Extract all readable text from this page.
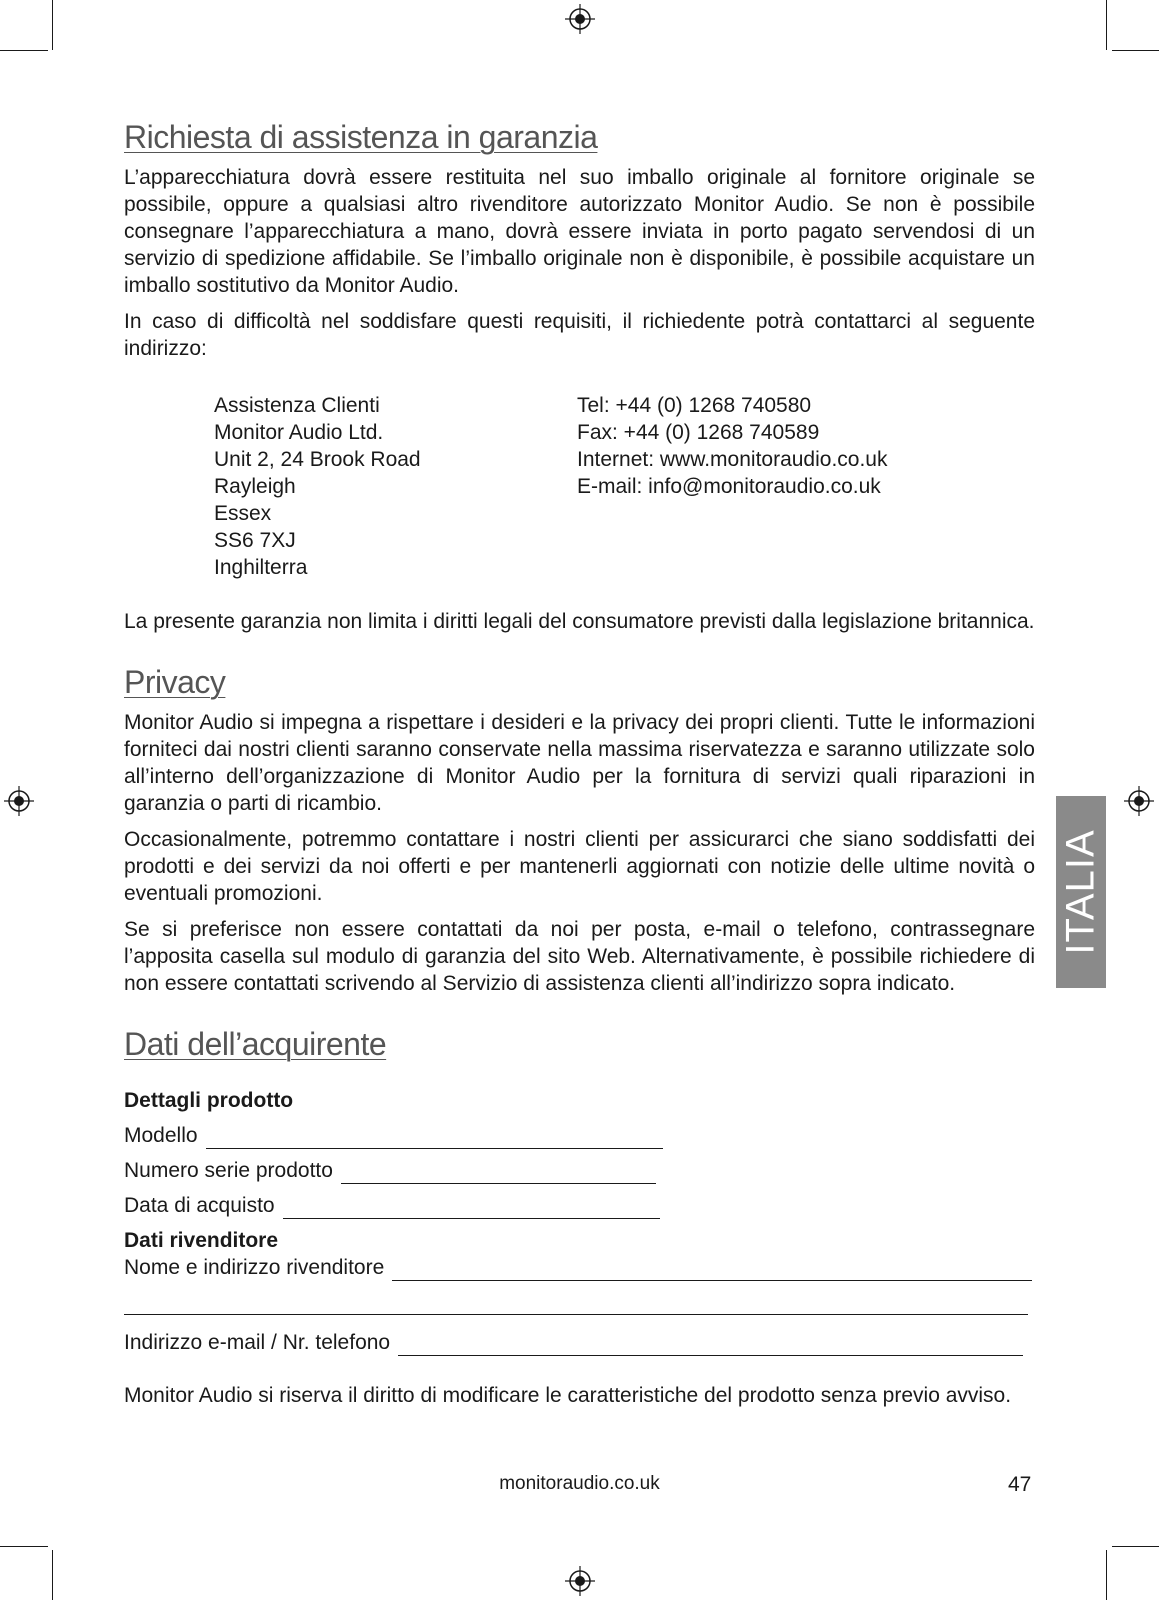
Richiesta di assistenza in garanzia

L’apparecchiatura dovrà essere restituita nel suo imballo originale al fornitore originale se possibile, oppure a qualsiasi altro rivenditore autorizzato Monitor Audio. Se non è possibile consegnare l’apparecchiatura a mano, dovrà essere inviata in porto pagato servendosi di un servizio di spedizione affidabile. Se l’imballo originale non è disponibile, è possibile acquistare un imballo sostitutivo da Monitor Audio.

In caso di difficoltà nel soddisfare questi requisiti, il richiedente potrà contattarci al seguente indirizzo:

Assistenza Clienti
Monitor Audio Ltd.
Unit 2, 24 Brook Road
Rayleigh
Essex
SS6 7XJ
Inghilterra
Tel: +44 (0) 1268 740580
Fax: +44 (0) 1268 740589
Internet: www.monitoraudio.co.uk
E-mail: info@monitoraudio.co.uk

La presente garanzia non limita i diritti legali del consumatore previsti dalla legislazione britannica.

Privacy

Monitor Audio si impegna a rispettare i desideri e la privacy dei propri clienti. Tutte le informazioni forniteci dai nostri clienti saranno conservate nella massima riservatezza e saranno utilizzate solo all’interno dell’organizzazione di Monitor Audio per la fornitura di servizi quali riparazioni in garanzia o parti di ricambio.

Occasionalmente, potremmo contattare i nostri clienti per assicurarci che siano soddisfatti dei prodotti e dei servizi da noi offerti e per mantenerli aggiornati con notizie delle ultime novità o eventuali promozioni.

Se si preferisce non essere contattati da noi per posta, e-mail o telefono, contrassegnare l’apposita casella sul modulo di garanzia del sito Web. Alternativamente, è possibile richiedere di non essere contattati scrivendo al Servizio di assistenza clienti all’indirizzo sopra indicato.

Dati dell’acquirente
Dettagli prodotto
Modello
Numero serie prodotto
Data di acquisto
Dati rivenditore
Nome e indirizzo rivenditore
Indirizzo e-mail / Nr. telefono

Monitor Audio si riserva il diritto di modificare le caratteristiche del prodotto senza previo avviso.

monitoraudio.co.uk	47
ITALIA
